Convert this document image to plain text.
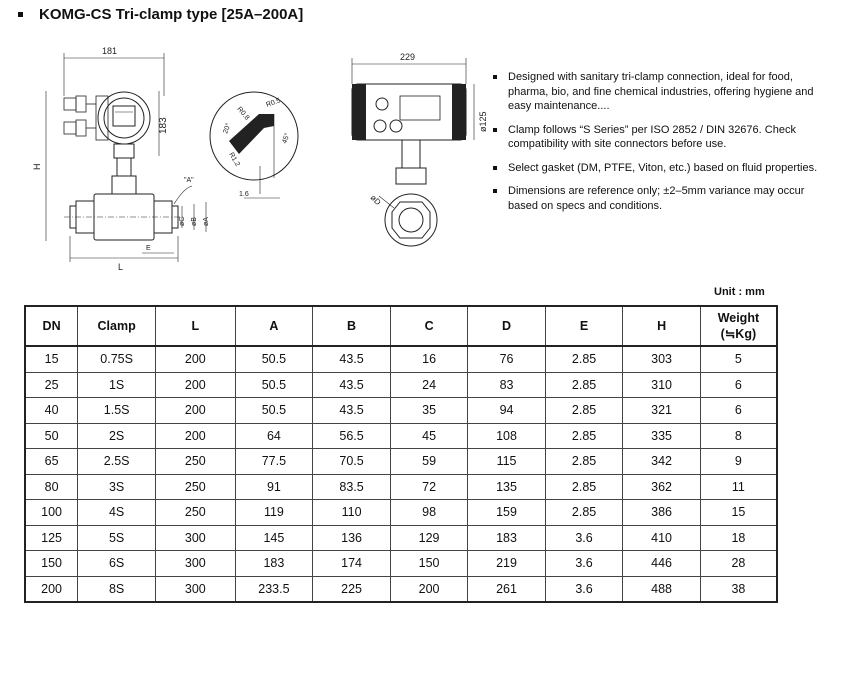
KOMG-CS Tri-clamp type [25A–200A]
181
183
øC øB øA
"A"
H
L
E
R0.8
R0.5
R1.2
20°
45°
1.6
229
ø125
øD
Designed with sanitary tri-clamp connection, ideal for food, pharma, bio, and fine chemical industries, offering hygiene and easy maintenance....
Clamp follows “S Series” per ISO 2852 / DIN 32676. Check compatibility with site connectors before use.
Select gasket (DM, PTFE, Viton, etc.) based on fluid properties.
Dimensions are reference only; ±2–5mm variance may occur based on specs and conditions.
Unit : mm
DN	Clamp	L	A	B	C	D	E	H	Weight
(≒Kg)
15	0.75S	200	50.5	43.5	16	76	2.85	303	5
25	1S	200	50.5	43.5	24	83	2.85	310	6
40	1.5S	200	50.5	43.5	35	94	2.85	321	6
50	2S	200	64	56.5	45	108	2.85	335	8
65	2.5S	250	77.5	70.5	59	115	2.85	342	9
80	3S	250	91	83.5	72	135	2.85	362	11
100	4S	250	119	110	98	159	2.85	386	15
125	5S	300	145	136	129	183	3.6	410	18
150	6S	300	183	174	150	219	3.6	446	28
200	8S	300	233.5	225	200	261	3.6	488	38
